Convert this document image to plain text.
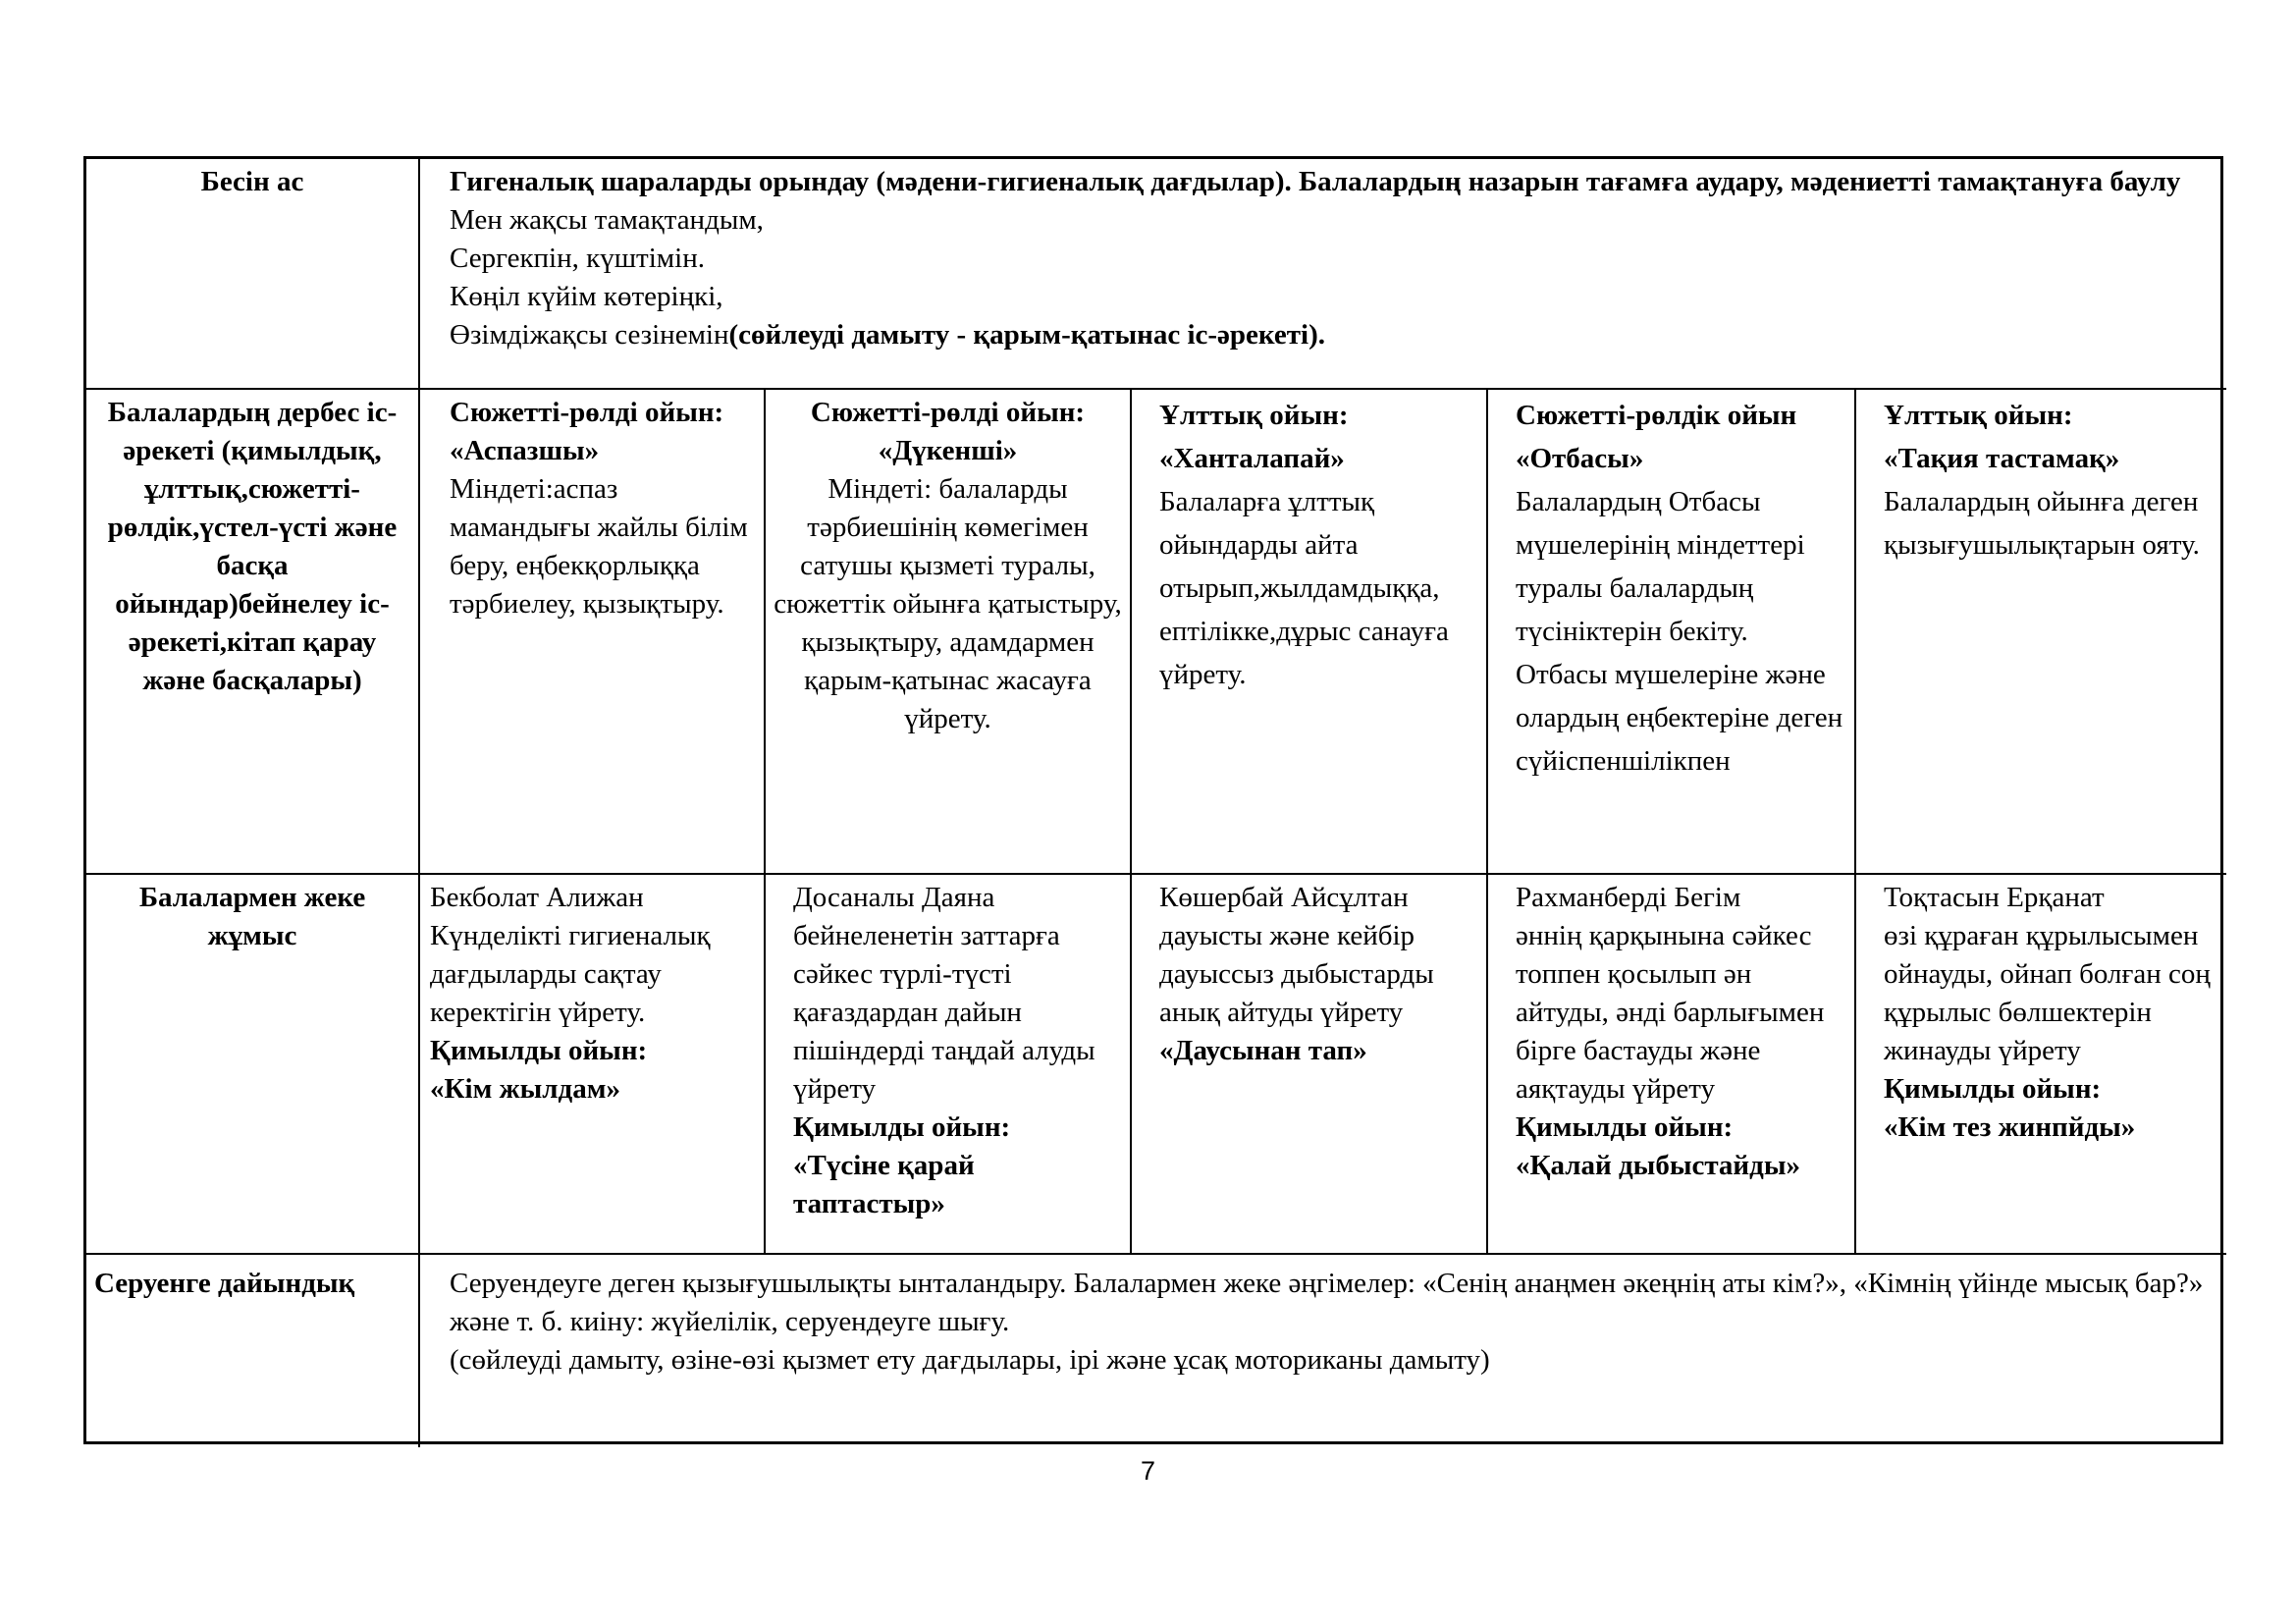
Бесін ас	Гигеналық шараларды орындау (мәдени-гигиеналық дағдылар). Балалардың назарын тағамға аудару, мәдениетті тамақтануға баулу
Мен жақсы тамақтандым,
Сергекпін, күштімін.
Көңіл күйім көтеріңкі,
Өзімдіжақсы сезінемін(сөйлеуді дамыту - қарым-қатынас іс-әрекеті).
Балалардың дербес іс-әрекеті (қимылдық, ұлттық,сюжетті-рөлдік,үстел-үсті және басқа ойындар)бейнелеу іс-әрекеті,кітап қарау және басқалары)
Сюжетті-рөлді ойын: «Аспазшы»
Міндеті:аспаз мамандығы жайлы білім беру, еңбекқорлыққа тәрбиелеу, қызықтыру.
Сюжетті-рөлді ойын: «Дүкенші»
Міндеті: балаларды тәрбиешінің көмегімен сатушы қызметі туралы, сюжеттік ойынға қатыстыру, қызықтыру, адамдармен қарым-қатынас жасауға үйрету.
Ұлттық ойын:
«Ханталапай»
Балаларға ұлттық ойындарды айта отырып,жылдамдыққа, ептілікке,дұрыс санауға үйрету.
Сюжетті-рөлдік ойын
«Отбасы»
Балалардың Отбасы мүшелерінің міндеттері туралы балалардың түсініктерін бекіту. Отбасы мүшелеріне және олардың еңбектеріне деген сүйіспеншілікпен
Ұлттық ойын:
«Тақия тастамақ»
Балалардың ойынға деген қызығушылықтарын ояту.
Балалармен жеке жұмыс
Бекболат Алижан
Күнделікті гигиеналық дағдыларды сақтау керектігін үйрету.
Қимылды ойын:
«Кім жылдам»
Досаналы Даяна
бейнеленетін заттарға сәйкес түрлі-түсті қағаздардан дайын пішіндерді таңдай алуды үйрету
Қимылды ойын:
«Түсіне қарай таптастыр»
Көшербай Айсұлтан
дауысты және кейбір дауыссыз дыбыстарды анық айтуды үйрету
«Даусынан тап»
Рахманберді Бегім
әннің қарқынына сәйкес топпен қосылып ән айтуды, әнді барлығымен бірге бастауды және аяқтауды үйрету
Қимылды ойын:
«Қалай дыбыстайды»
Тоқтасын Ерқанат
өзі құраған құрылысымен ойнауды, ойнап болған соң құрылыс бөлшектерін жинауды үйрету
Қимылды ойын:
«Кім тез жинпйды»
Серуенге дайындық	Серуендеуге деген қызығушылықты ынталандыру. Балалармен жеке әңгімелер: «Сенің анаңмен әкеңнің аты кім?», «Кімнің үйінде мысық бар?» және т. б. киіну: жүйелілік, серуендеуге шығу.
(сөйлеуді дамыту, өзіне-өзі қызмет ету дағдылары, ірі және ұсақ моториканы дамыту)
7
